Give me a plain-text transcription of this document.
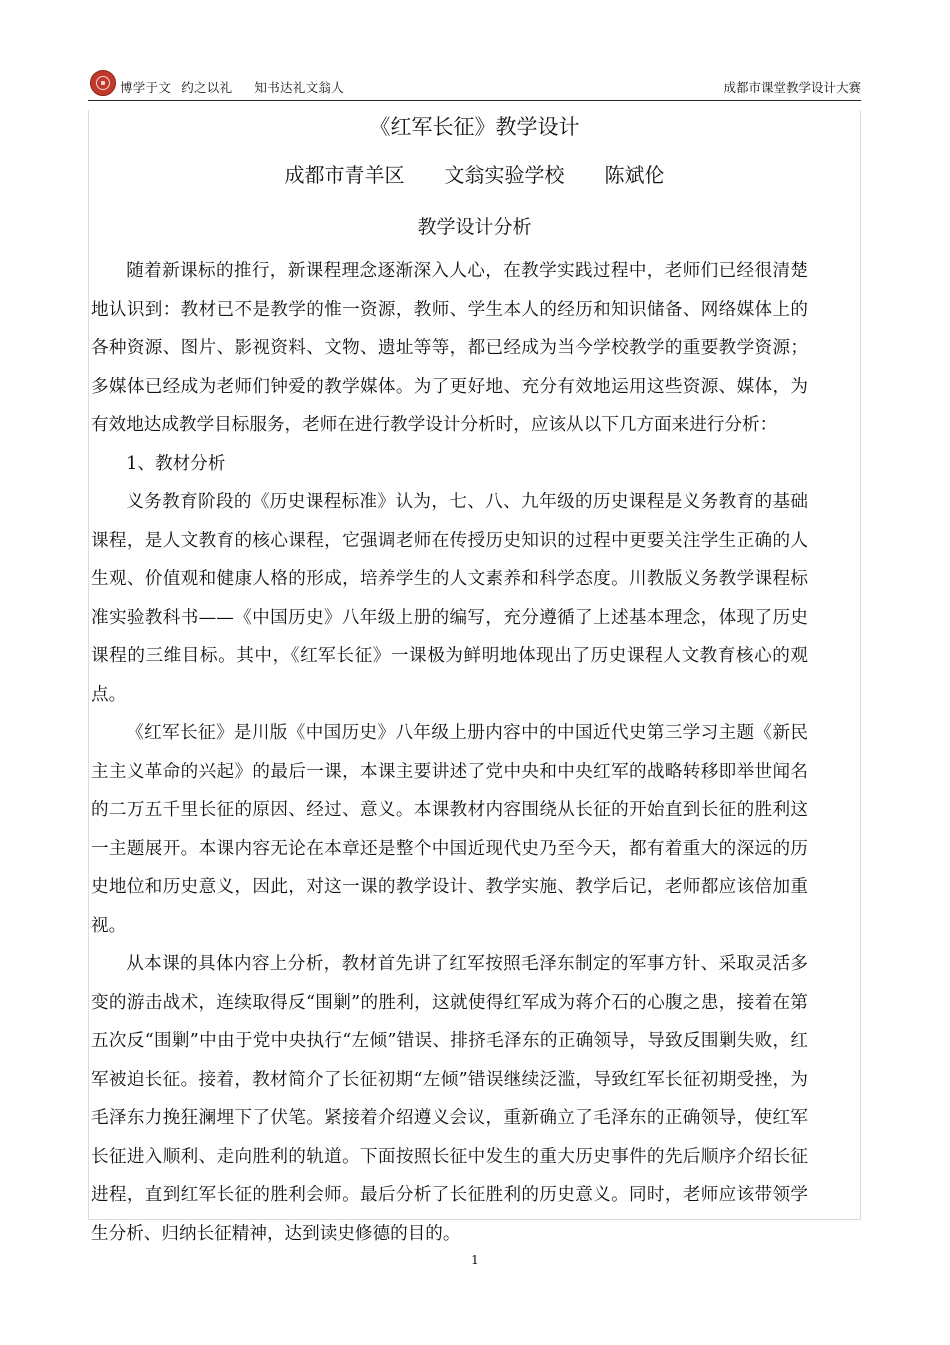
博学于文 约之以礼 知书达礼文翁人	成都市课堂教学设计大赛
《红军长征》教学设计
成都市青羊区 文翁实验学校 陈斌伦
教学设计分析

随着新课标的推行，新课程理念逐渐深入人心，在教学实践过程中，老师们已经很清楚地认识到：教材已不是教学的惟一资源，教师、学生本人的经历和知识储备、网络媒体上的各种资源、图片、影视资料、文物、遗址等等，都已经成为当今学校教学的重要教学资源；多媒体已经成为老师们钟爱的教学媒体。为了更好地、充分有效地运用这些资源、媒体，为有效地达成教学目标服务，老师在进行教学设计分析时，应该从以下几方面来进行分析：

1、教材分析

义务教育阶段的《历史课程标准》认为，七、八、九年级的历史课程是义务教育的基础课程，是人文教育的核心课程，它强调老师在传授历史知识的过程中更要关注学生正确的人生观、价值观和健康人格的形成，培养学生的人文素养和科学态度。川教版义务教学课程标准实验教科书——《中国历史》八年级上册的编写，充分遵循了上述基本理念，体现了历史课程的三维目标。其中，《红军长征》一课极为鲜明地体现出了历史课程人文教育核心的观点。

《红军长征》是川版《中国历史》八年级上册内容中的中国近代史第三学习主题《新民主主义革命的兴起》的最后一课，本课主要讲述了党中央和中央红军的战略转移即举世闻名的二万五千里长征的原因、经过、意义。本课教材内容围绕从长征的开始直到长征的胜利这一主题展开。本课内容无论在本章还是整个中国近现代史乃至今天，都有着重大的深远的历史地位和历史意义，因此，对这一课的教学设计、教学实施、教学后记，老师都应该倍加重视。

从本课的具体内容上分析，教材首先讲了红军按照毛泽东制定的军事方针、采取灵活多变的游击战术，连续取得反“围剿”的胜利，这就使得红军成为蒋介石的心腹之患，接着在第五次反“围剿”中由于党中央执行“左倾”错误、排挤毛泽东的正确领导，导致反围剿失败，红军被迫长征。接着，教材简介了长征初期“左倾”错误继续泛滥，导致红军长征初期受挫，为毛泽东力挽狂澜埋下了伏笔。紧接着介绍遵义会议，重新确立了毛泽东的正确领导，使红军长征进入顺利、走向胜利的轨道。下面按照长征中发生的重大历史事件的先后顺序介绍长征进程，直到红军长征的胜利会师。最后分析了长征胜利的历史意义。同时，老师应该带领学生分析、归纳长征精神，达到读史修德的目的。

1
